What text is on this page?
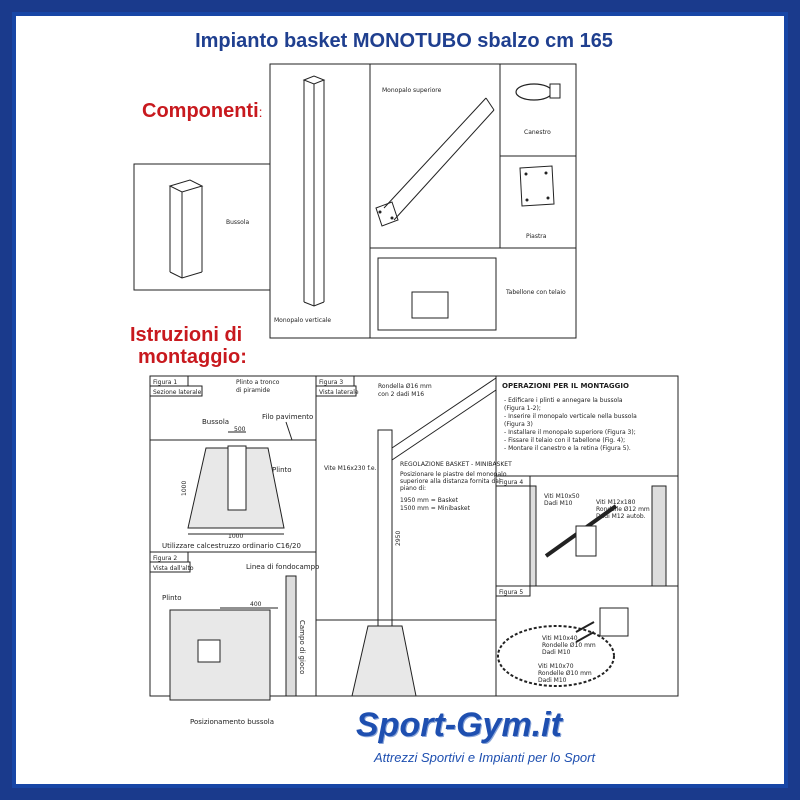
Impianto basket MONOTUBO sbalzo cm 165
Componenti:
Istruzioni di
montaggio:
Bussola
Monopalo verticale
Monopalo superiore
Canestro
Piastra
Tabellone con telaio
Figura 1
Sezione laterale
Plinto a tronco
di piramide
Bussola
Filo pavimento
500
1000
1000
Plinto
Utilizzare calcestruzzo ordinario C16/20
Figura 2
Vista dall'alto	Linea di fondocampo
Plinto
400
Campo di gioco
Posizionamento bussola
Figura 3
Vista laterale
Rondella Ø16 mm
con 2 dadi M16
Vite M16x230 f.e.
REGOLAZIONE BASKET - MINIBASKET
Posizionare le piastre del monopalo
superiore alla distanza fornita dal
piano di:
1950 mm = Basket
1500 mm = Minibasket
2950
OPERAZIONI PER IL MONTAGGIO
- Edificare i plinti e annegare la bussola
(Figura 1-2);
- Inserire il monopalo verticale nella bussola
(Figura 3)
- Installare il monopalo superiore (Figura 3);
- Fissare il telaio con il tabellone (Fig. 4);
- Montare il canestro e la retina (Figura 5).
Figura 4
Viti M10x50
Dadi M10	Viti M12x180
Rondelle Ø12 mm
Dadi M12 autob.
Figura 5
Viti M10x40
Rondelle Ø10 mm
Dadi M10
Viti M10x70
Rondelle Ø10 mm
Dadi M10
Sport-Gym.it
Attrezzi Sportivi e Impianti per lo Sport
